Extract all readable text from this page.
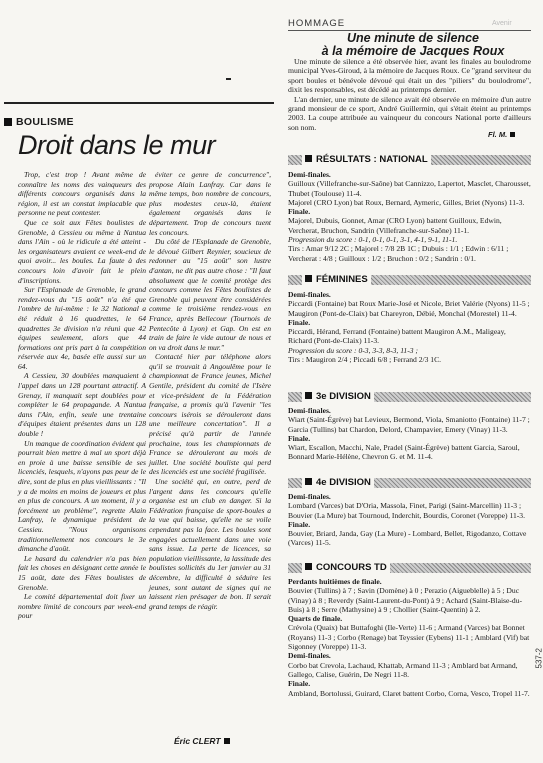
BOULISME
Droit dans le mur

Trop, c'est trop ! Avant même de connaître les noms des vainqueurs des différents concours organisés dans la région, il est un constat implacable que personne ne peut contester.

Que ce soit aux Fêtes boulistes de Grenoble, à Cessieu ou même à Nantua dans l'Ain - où le ridicule a été atteint - les organisateurs avaient ce week-end de quoi avoir... les boules. La faute à des concours loin d'avoir fait le plein d'inscriptions.

Sur l'Esplanade de Grenoble, le grand rendez-vous du "15 août" n'a été que l'ombre de lui-même : le 32 National a été réduit à 16 quadrettes, le 64 quadrettes 3e division n'a réuni que 42 équipes seulement, alors que 44 formations ont pris part à la compétition réservée aux 4e, basée elle aussi sur un 64.

A Cessieu, 30 doublées manquaient à l'appel dans un 128 pourtant attractif. A Grenay, il manquait sept doublées pour compléter le 64 propagande. A Nantua dans l'Ain, enfin, seule une trentaine d'équipes étaient présentes dans un 128 double !

Un manque de coordination évident qui pourrait bien mettre à mal un sport déjà en proie à une baisse sensible de ses licenciés, lesquels, n'ayons pas peur de le dire, sont de plus en plus vieillissants : "Il y a de moins en moins de joueurs et plus en plus de concours. A un moment, il y a forcément un problème", regrette Alain Lanfray, le dynamique président de Cessieu. "Nous organisons traditionnellement nos concours le 3e dimanche d'août.

Le hasard du calendrier n'a pas bien fait les choses en désignant cette année le 15 août, date des Fêtes boulistes de Grenoble.

Le comité départemental doit fixer un nombre limité de concours par week-end pour

éviter ce genre de concurrence", propose Alain Lanfray. Car dans le même temps, bon nombre de concours, plus modestes ceux-là, étaient également organisés dans le département. Trop de concours tuent les concours.

Du côté de l'Esplanade de Grenoble, le dévoué Gilbert Reynier, soucieux de redonner au "15 août" son lustre d'antan, ne dit pas autre chose : "Il faut absolument que le comité protège des concours comme les Fêtes boulistes de Grenoble qui peuvent être considérées comme le troisième rendez-vous en France, après Bellecour (Tournois de Pentecôte à Lyon) et Gap. On est en train de faire le vide autour de nous et on va droit dans le mur."

Contacté hier par téléphone alors qu'il se trouvait à Angoulême pour le championnat de France jeunes, Michel Gentile, président du comité de l'Isère et vice-président de la Fédération française, a promis qu'à l'avenir "les concours isérois se dérouleront dans une meilleure concertation". Il a précisé qu'à partir de l'année prochaine, tous les championnats de France se dérouleront au mois de juillet. Une société bouliste qui perd des licenciés est une société fragilisée.

Une société qui, en outre, perd de l'argent dans les concours qu'elle organise est un club en danger. Si la Fédération française de sport-boules a la vue qui baisse, qu'elle ne se voile cependant pas la face. Les boules sont engagées actuellement dans une voie sans issue. La perte de licences, sa population vieillissante, la lassitude des boulistes sollicités du 1er janvier au 31 décembre, la difficulté à séduire les jeunes, sont autant de signes qui ne laissent rien présager de bon. Il serait grand temps de réagir.

Éric CLERT
HOMMAGE
Une minute de silence
à la mémoire de Jacques Roux

Une minute de silence a été observée hier, avant les finales au boulodrome municipal Yves-Giroud, à la mémoire de Jacques Roux. Ce "grand serviteur du sport boules et bénévole dévoué qui était un des "piliers" du boulodrome", dixit les responsables, est décédé au printemps dernier.

L'an dernier, une minute de silence avait été observée en mémoire d'un autre grand monsieur de ce sport, André Guillermin, qui s'était éteint au printemps 2003. La coupe attribuée au vainqueur du concours National porte d'ailleurs son nom.

Fl. M.
RÉSULTATS : NATIONAL

Demi-finales.

Guilloux (Villefranche-sur-Saône) bat Cannizzo, Lapertot, Masclet, Charousset, Thubet (Toulouse) 11-4.

Majorel (CRO Lyon) bat Roux, Bernard, Aymeric, Gilles, Briet (Nyons) 11-3.

Finale.

Majorel, Dubuis, Gonnet, Amar (CRO Lyon) battent Guilloux, Edwin, Vercherat, Bruchon, Sandrin (Villefranche-sur-Saône) 11-1.

Progression du score : 0-1, 0-1, 0-1, 3-1, 4-1, 9-1, 11-1.

Tirs : Amar 9/12 2C ; Majorel : 7/8 2B 1C ; Dubuis : 1/1 ; Edwin : 6/11 ; Vercherat : 4/8 ; Guilloux : 1/2 ; Bruchon : 0/2 ; Sandrin : 0/1.

FÉMININES

Demi-finales.

Piccardi (Fontaine) bat Roux Marie-José et Nicole, Briet Valérie (Nyons) 11-5 ; Maugiron (Pont-de-Claix) bat Chareyron, Débié, Monchal (Morestel) 11-4.

Finale.

Piccardi, Hérand, Ferrand (Fontaine) battent Maugiron A.M., Maligeay, Richard (Pont-de-Claix) 11-3.

Progression du score : 0-3, 3-3, 8-3, 11-3 ;

Tirs : Maugiron 2/4 ; Piccadi 6/8 ; Ferrand 2/3 1C.

3e DIVISION

Demi-finales.

Wiart (Saint-Égrève) bat Levieux, Bermond, Viola, Smaniotto (Fontaine) 11-7 ; Garcia (Tullins) bat Chardon, Delord, Champavier, Emery (Vinay) 11-3.

Finale.

Wiart, Escallon, Macchi, Nale, Pradel (Saint-Égrève) battent Garcia, Saroul, Bonnard Marie-Hélène, Chevron G. et M. 11-4.

4e DIVISION

Demi-finales.

Lombard (Varces) bat D'Oria, Massola, Finet, Parigi (Saint-Marcellin) 11-3 ; Bouvier (La Mure) bat Tournoud, Inderchit, Bourdis, Coronet (Voreppe) 11-3.

Finale.

Bouvier, Briard, Janda, Gay (La Mure) - Lombard, Bellet, Rigodanzo, Cottave (Varces) 11-5.

CONCOURS TD

Perdants huitièmes de finale.

Bouvier (Tullins) à 7 ; Savin (Domène) à 0 ; Perazio (Aigueblelle) à 5 ; Duc (Vinay) à 8 ; Reverdy (Saint-Laurent-du-Pont) à 9 ; Achard (Saint-Blaise-du-Buis) à 8 ; Serre (Mathysine) à 9 ; Chollier (Saint-Quentin) à 2.

Quarts de finale.

Crévola (Quaix) bat Buttafoghi (Ile-Verte) 11-6 ; Armand (Varces) bat Bonnet (Royans) 11-3 ; Corbo (Renage) bat Teyssier (Eybens) 11-1 ; Amblard (Vif) bat Sigonney (Voreppe) 11-3.

Demi-finales.

Corbo bat Crevola, Lachaud, Khattab, Armand 11-3 ; Amblard bat Armand, Gallego, Calise, Guérin, De Negri 11-8.

Finale.

Ambland, Bortolussi, Guirard, Claret battent Corbo, Corna, Vesco, Tropel 11-7.

537-2
Avenir
